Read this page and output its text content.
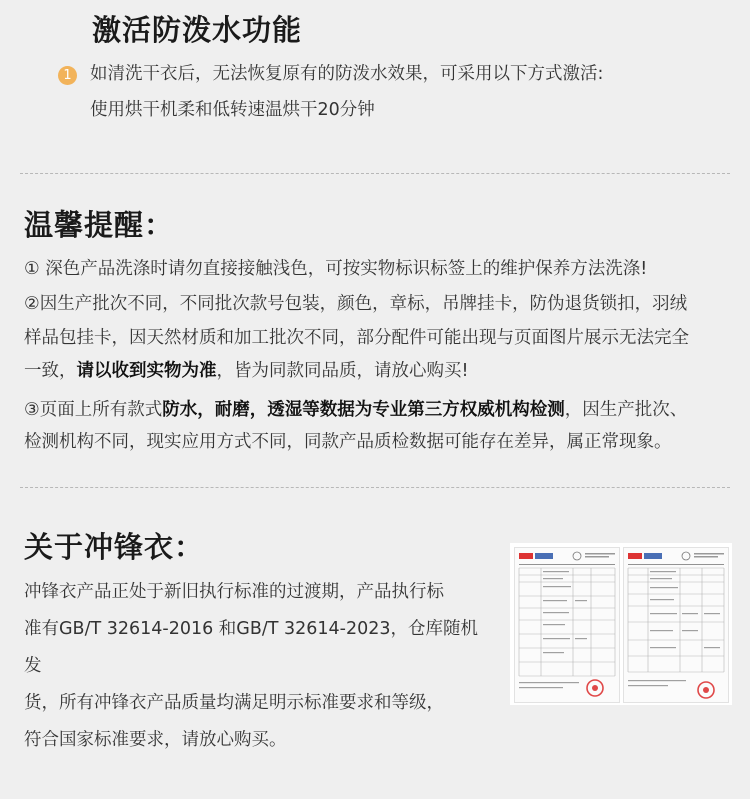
激活防泼水功能
1	如清洗干衣后，无法恢复原有的防泼水效果，可采用以下方式激活:

使用烘干机柔和低转速温烘干20分钟

温馨提醒：
① 深色产品洗涤时请勿直接接触浅色，可按实物标识标签上的维护保养方法洗涤!
②因生产批次不同，不同批次款号包装，颜色，章标，吊牌挂卡，防伪退货锁扣，羽绒
样品包挂卡，因天然材质和加工批次不同，部分配件可能出现与页面图片展示无法完全
一致，请以收到实物为准，皆为同款同品质，请放心购买!
③页面上所有款式防水，耐磨，透湿等数据为专业第三方权威机构检测，因生产批次、
检测机构不同，现实应用方式不同，同款产品质检数据可能存在差异，属正常现象。
关于冲锋衣：
冲锋衣产品正处于新旧执行标准的过渡期，产品执行标
准有GB/T 32614-2016 和GB/T 32614-2023，仓库随机发
货，所有冲锋衣产品质量均满足明示标准要求和等级，
符合国家标准要求，请放心购买。
